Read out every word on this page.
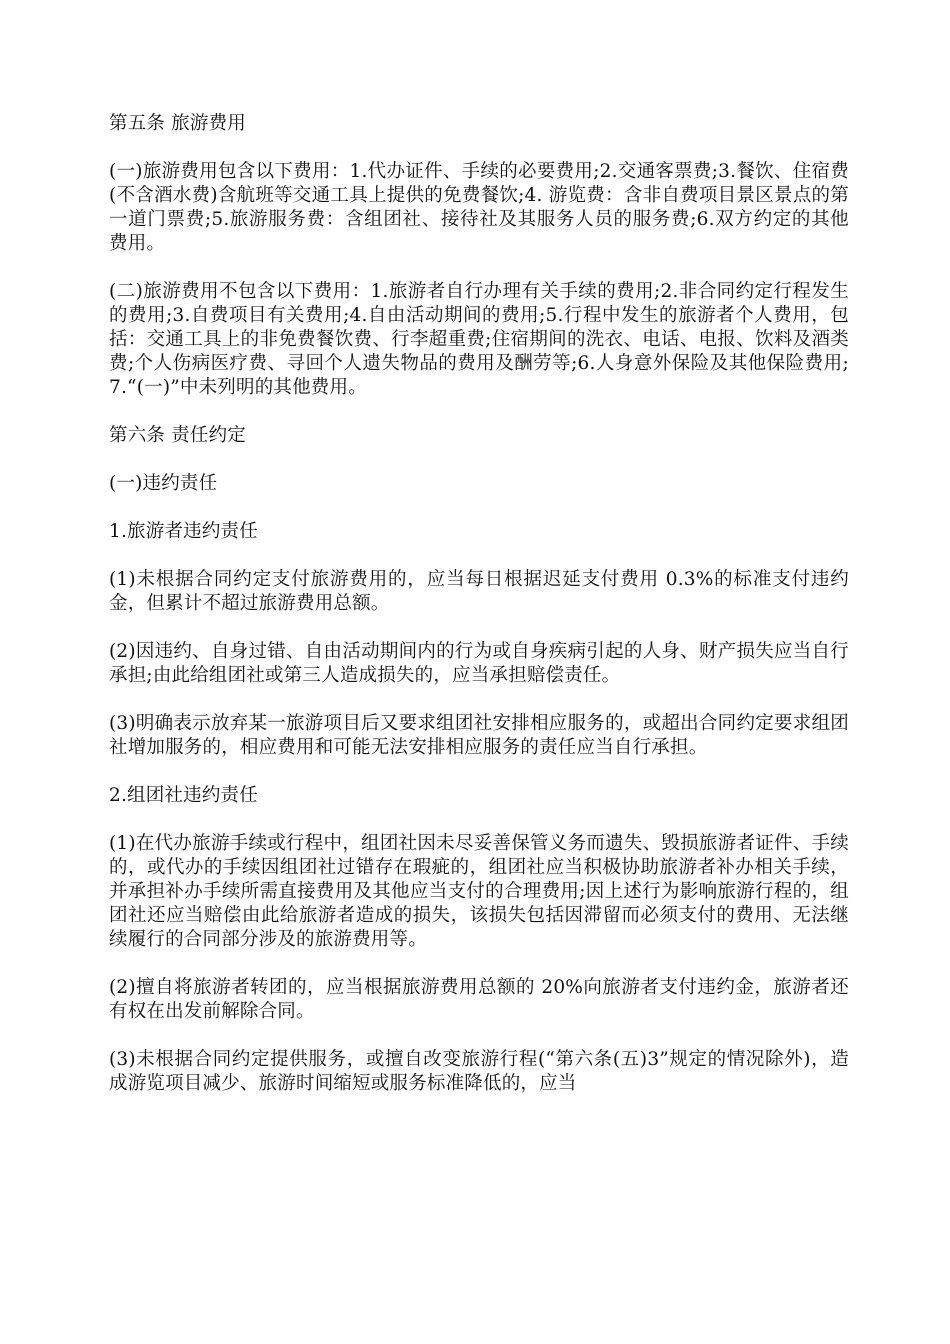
第五条 旅游费用

(一)旅游费用包含以下费用：1.代办证件、手续的必要费用;2.交通客票费;3.餐饮、住宿费(不含酒水费)含航班等交通工具上提供的免费餐饮;4. 游览费：含非自费项目景区景点的第一道门票费;5.旅游服务费：含组团社、接待社及其服务人员的服务费;6.双方约定的其他费用。

(二)旅游费用不包含以下费用：1.旅游者自行办理有关手续的费用;2.非合同约定行程发生的费用;3.自费项目有关费用;4.自由活动期间的费用;5.行程中发生的旅游者个人费用，包括：交通工具上的非免费餐饮费、行李超重费;住宿期间的洗衣、电话、电报、饮料及酒类费;个人伤病医疗费、寻回个人遗失物品的费用及酬劳等;6.人身意外保险及其他保险费用;7.“(一)”中未列明的其他费用。

第六条 责任约定

(一)违约责任

1.旅游者违约责任

(1)未根据合同约定支付旅游费用的，应当每日根据迟延支付费用 0.3%的标准支付违约金，但累计不超过旅游费用总额。

(2)因违约、自身过错、自由活动期间内的行为或自身疾病引起的人身、财产损失应当自行承担;由此给组团社或第三人造成损失的，应当承担赔偿责任。

(3)明确表示放弃某一旅游项目后又要求组团社安排相应服务的，或超出合同约定要求组团社增加服务的，相应费用和可能无法安排相应服务的责任应当自行承担。

2.组团社违约责任

(1)在代办旅游手续或行程中，组团社因未尽妥善保管义务而遗失、毁损旅游者证件、手续的，或代办的手续因组团社过错存在瑕疵的，组团社应当积极协助旅游者补办相关手续，并承担补办手续所需直接费用及其他应当支付的合理费用;因上述行为影响旅游行程的，组团社还应当赔偿由此给旅游者造成的损失，该损失包括因滞留而必须支付的费用、无法继续履行的合同部分涉及的旅游费用等。

(2)擅自将旅游者转团的，应当根据旅游费用总额的 20%向旅游者支付违约金，旅游者还有权在出发前解除合同。

(3)未根据合同约定提供服务，或擅自改变旅游行程(“第六条(五)3”规定的情况除外)，造成游览项目减少、旅游时间缩短或服务标准降低的，应当
